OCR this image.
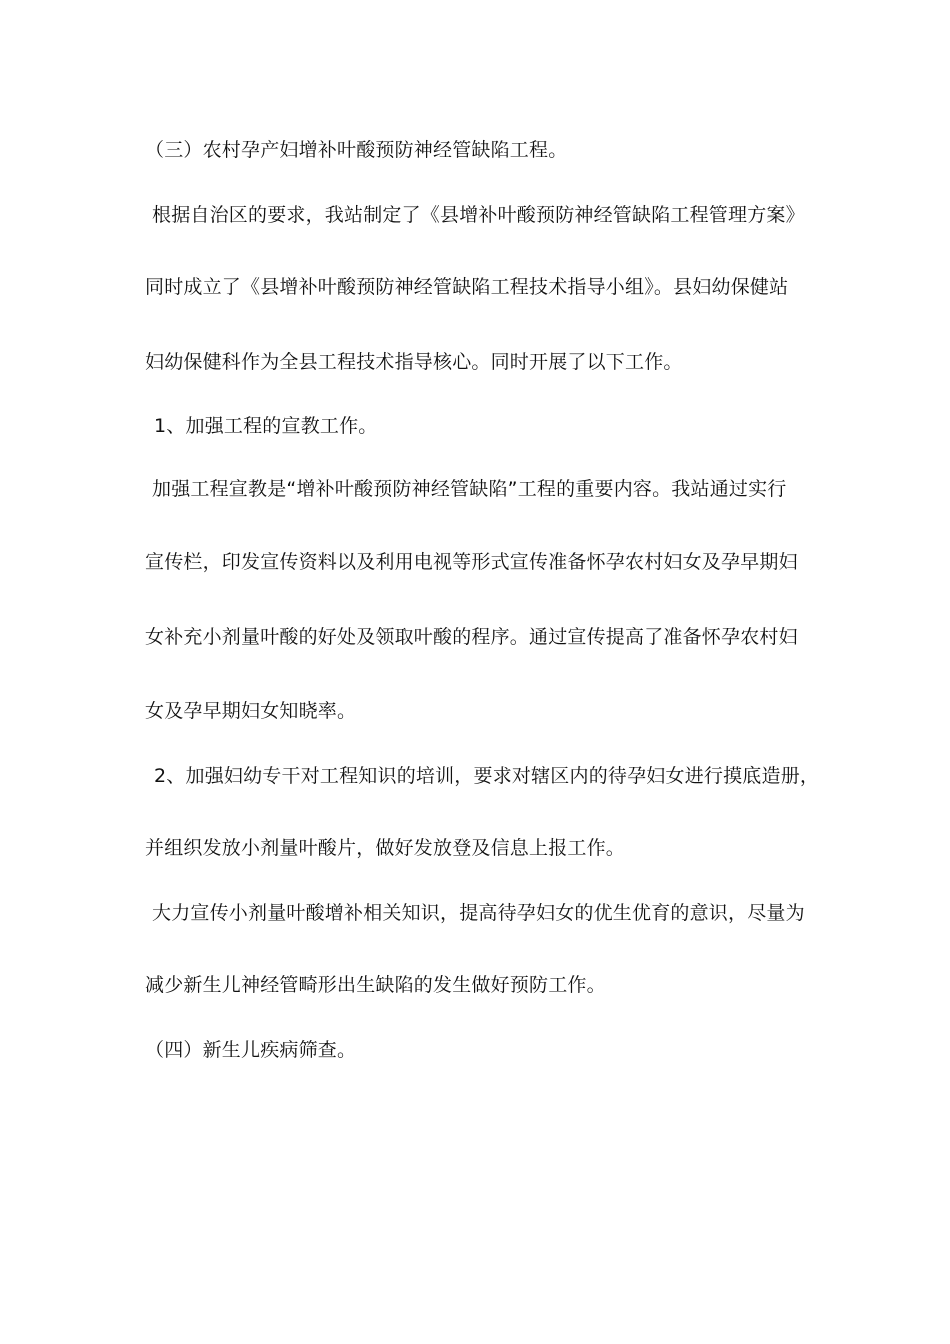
（三）农村孕产妇增补叶酸预防神经管缺陷工程。
根据自治区的要求，我站制定了《县增补叶酸预防神经管缺陷工程管理方案》
同时成立了《县增补叶酸预防神经管缺陷工程技术指导小组》。县妇幼保健站
妇幼保健科作为全县工程技术指导核心。同时开展了以下工作。
1、加强工程的宣教工作。
加强工程宣教是“增补叶酸预防神经管缺陷”工程的重要内容。我站通过实行
宣传栏，印发宣传资料以及利用电视等形式宣传准备怀孕农村妇女及孕早期妇
女补充小剂量叶酸的好处及领取叶酸的程序。通过宣传提高了准备怀孕农村妇
女及孕早期妇女知晓率。
2、加强妇幼专干对工程知识的培训，要求对辖区内的待孕妇女进行摸底造册，
并组织发放小剂量叶酸片，做好发放登及信息上报工作。
大力宣传小剂量叶酸增补相关知识，提高待孕妇女的优生优育的意识，尽量为
减少新生儿神经管畸形出生缺陷的发生做好预防工作。
（四）新生儿疾病筛查。
